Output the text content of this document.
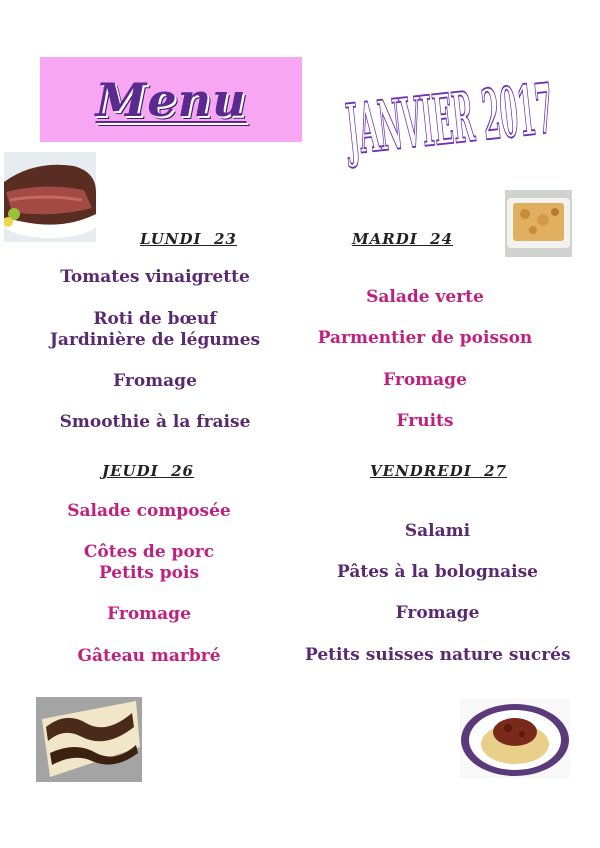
Menu	JANVIER 2017
LUNDI  23
Tomates vinaigrette
Roti de bœuf
Jardinière de légumes
Fromage
Smoothie à la fraise
MARDI  24
Salade verte
Parmentier de poisson
Fromage
Fruits
JEUDI  26
Salade composée
Côtes de porc
Petits pois
Fromage
Gâteau marbré
VENDREDI  27
Salami
Pâtes à la bolognaise
Fromage
Petits suisses nature sucrés
